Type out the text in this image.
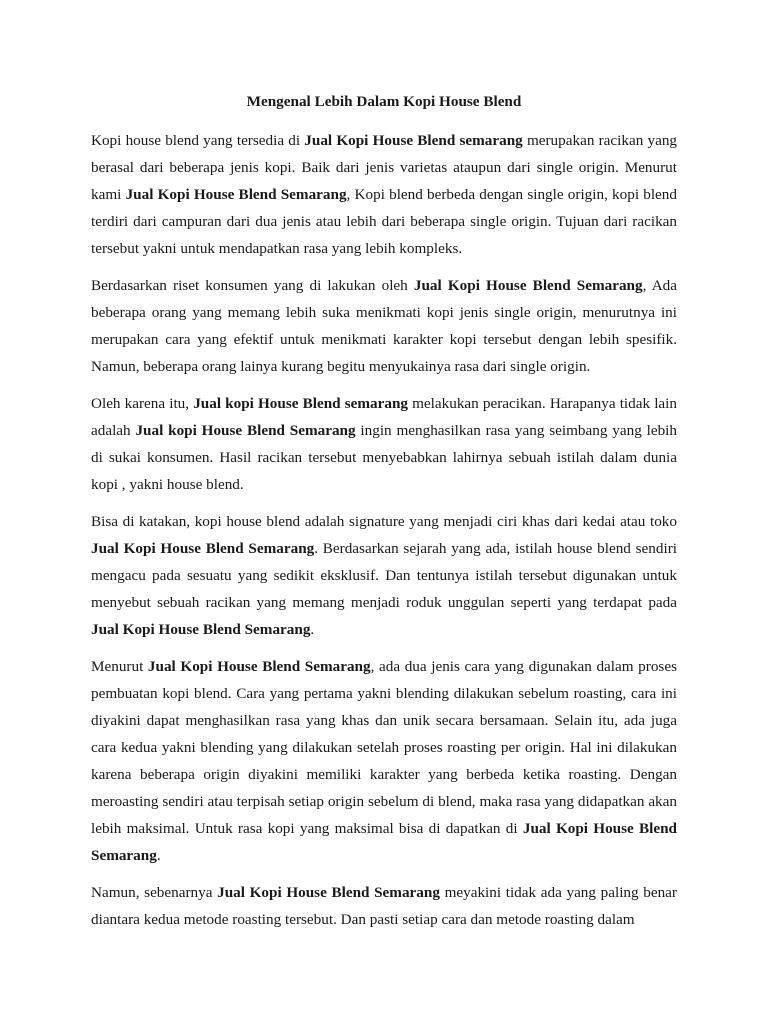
Mengenal Lebih Dalam Kopi House Blend

Kopi house blend yang tersedia di Jual Kopi House Blend semarang merupakan racikan yang berasal dari beberapa jenis kopi. Baik dari jenis varietas ataupun dari single origin. Menurut kami Jual Kopi House Blend Semarang, Kopi blend berbeda dengan single origin, kopi blend terdiri dari campuran dari dua jenis atau lebih dari beberapa single origin. Tujuan dari racikan tersebut yakni untuk mendapatkan rasa yang lebih kompleks.

Berdasarkan riset konsumen yang di lakukan oleh Jual Kopi House Blend Semarang, Ada beberapa orang yang memang lebih suka menikmati kopi jenis single origin, menurutnya ini merupakan cara yang efektif untuk menikmati karakter kopi tersebut dengan lebih spesifik. Namun, beberapa orang lainya kurang begitu menyukainya rasa dari single origin.

Oleh karena itu, Jual kopi House Blend semarang melakukan peracikan. Harapanya tidak lain adalah Jual kopi House Blend Semarang ingin menghasilkan rasa yang seimbang yang lebih di sukai konsumen. Hasil racikan tersebut menyebabkan lahirnya sebuah istilah dalam dunia kopi , yakni house blend.

Bisa di katakan, kopi house blend adalah signature yang menjadi ciri khas dari kedai atau toko Jual Kopi House Blend Semarang. Berdasarkan sejarah yang ada, istilah house blend sendiri mengacu pada sesuatu yang sedikit eksklusif. Dan tentunya istilah tersebut digunakan untuk menyebut sebuah racikan yang memang menjadi roduk unggulan seperti yang terdapat pada Jual Kopi House Blend Semarang.

Menurut Jual Kopi House Blend Semarang, ada dua jenis cara yang digunakan dalam proses pembuatan kopi blend. Cara yang pertama yakni blending dilakukan sebelum roasting, cara ini diyakini dapat menghasilkan rasa yang khas dan unik secara bersamaan. Selain itu, ada juga cara kedua yakni blending yang dilakukan setelah proses roasting per origin. Hal ini dilakukan karena beberapa origin diyakini memiliki karakter yang berbeda ketika roasting. Dengan meroasting sendiri atau terpisah setiap origin sebelum di blend, maka rasa yang didapatkan akan lebih maksimal. Untuk rasa kopi yang maksimal bisa di dapatkan di Jual Kopi House Blend Semarang.

Namun, sebenarnya Jual Kopi House Blend Semarang meyakini tidak ada yang paling benar diantara kedua metode roasting tersebut. Dan pasti setiap cara dan metode roasting dalam
